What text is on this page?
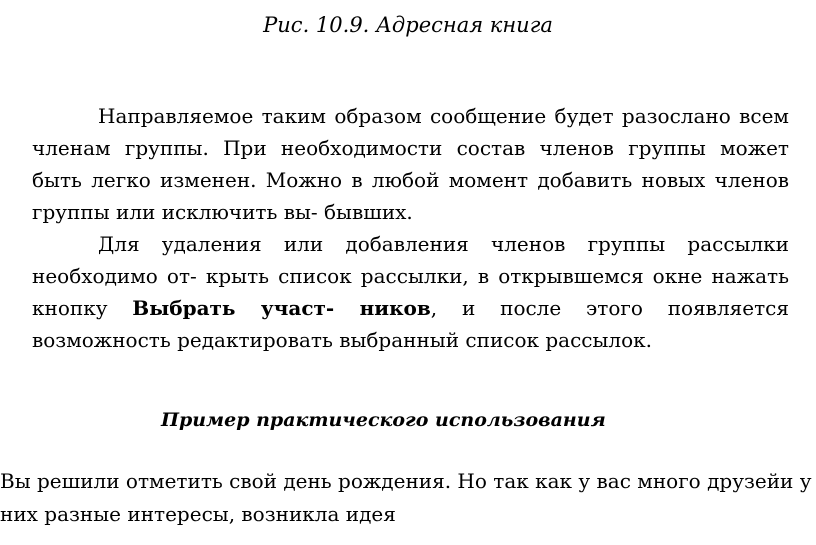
Рис. 10.9. Адресная книга

Направляемое таким образом сообщение будет разослано всем членам группы. При необходимости состав членов группы может быть легко изменен. Можно в любой момент добавить новых членов группы или исключить вы- бывших.

Для удаления или добавления членов группы рассылки необходимо от- крыть список рассылки, в открывшемся окне нажать кнопку Выбрать участ- ников, и после этого появляется возможность редактировать выбранный список рассылок.

Пример практического использования

Вы решили отметить свой день рождения. Но так как у вас много друзейи у

них разные интересы, возникла идея
